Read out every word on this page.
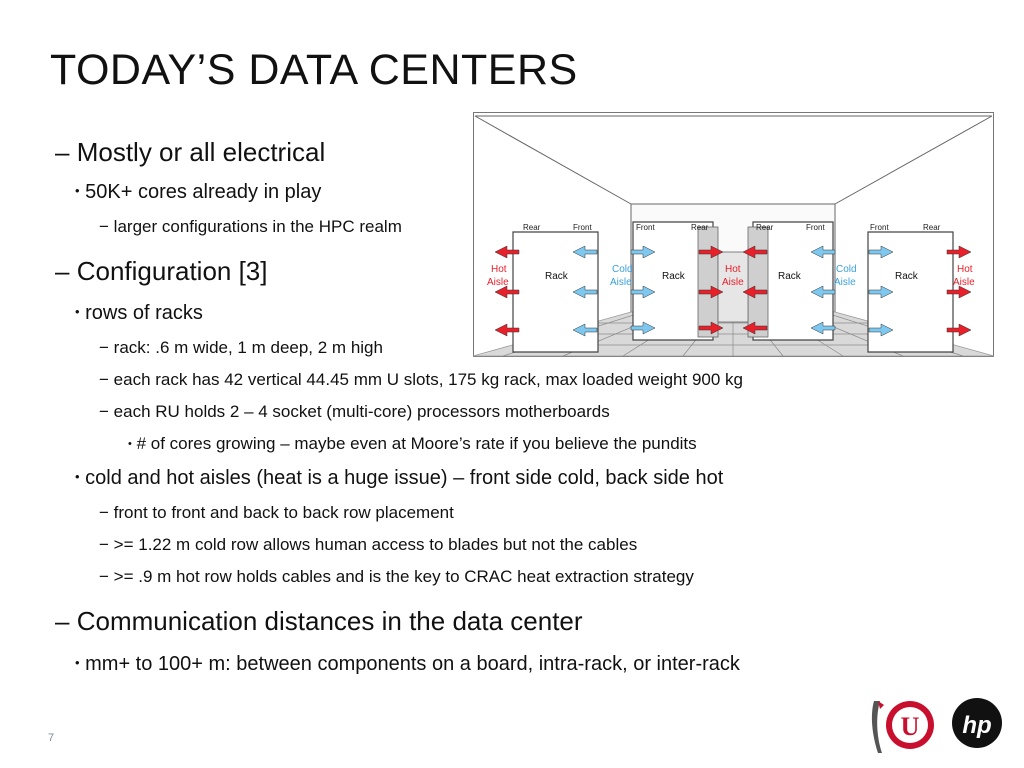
TODAY’S DATA CENTERS
– Mostly or all electrical
• 50K+ cores already in play
− larger configurations in the HPC realm
– Configuration [3]
• rows of racks
− rack: .6 m wide, 1 m deep, 2 m high
− each rack has 42 vertical 44.45 mm U slots, 175 kg rack, max loaded weight 900 kg
− each RU holds 2 – 4 socket (multi-core) processors motherboards
• # of cores growing – maybe even at Moore’s rate if you believe the pundits
• cold and hot aisles (heat is a huge issue) – front side cold, back side hot
− front to front and back to back row placement
− >= 1.22 m cold row allows human access to blades but not the cables
− >= .9 m hot row holds cables and is the key to CRAC heat extraction strategy
– Communication distances in the data center
• mm+ to 100+ m: between components on a board, intra-rack, or inter-rack
Rear	Front	Front	Rear	Rear	Front	Front	Rear
Rack	Rack	Rack	Rack
Hot
Aisle
Cold
Aisle
Hot
Aisle
Cold
Aisle
Hot
Aisle
7	U hp
